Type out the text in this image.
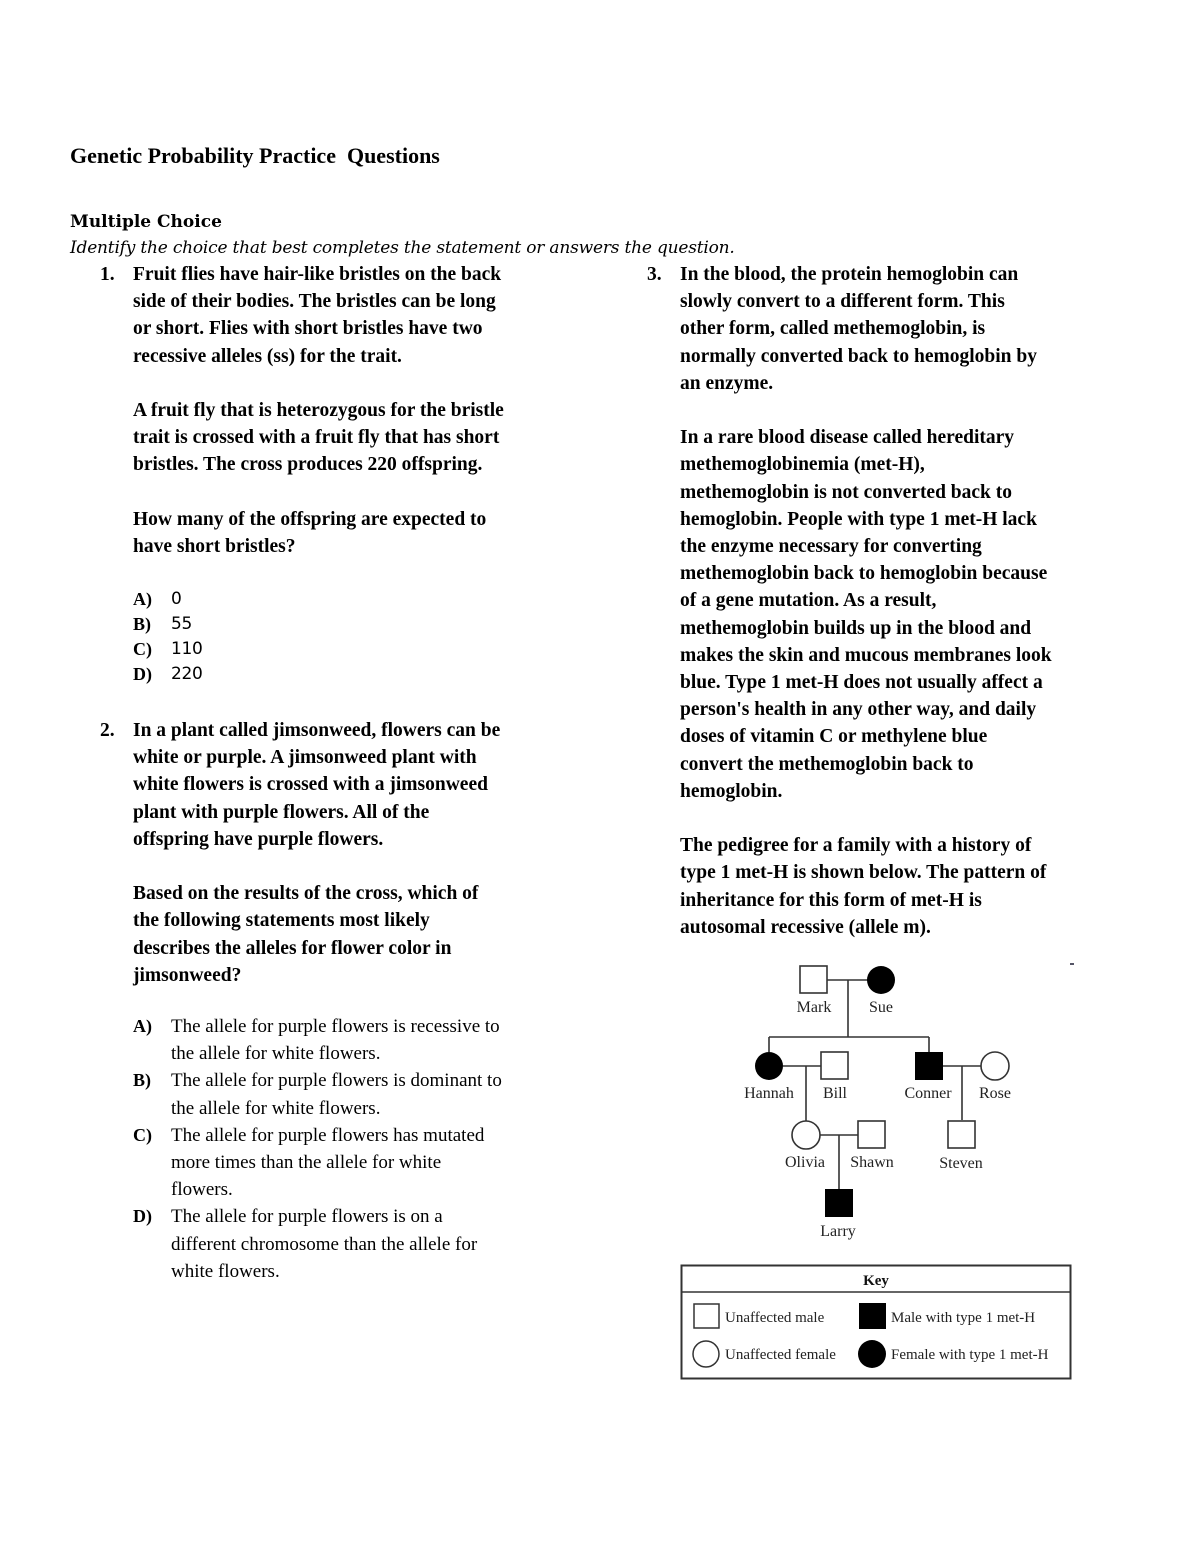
Genetic Probability Practice  Questions
Multiple Choice
Identify the choice that best completes the statement or answers the question.
1. Fruit flies have hair-like bristles on the back

side of their bodies. The bristles can be long

or short. Flies with short bristles have two

recessive alleles (ss) for the trait.

A fruit fly that is heterozygous for the bristle

trait is crossed with a fruit fly that has short

bristles. The cross produces 220 offspring.

How many of the offspring are expected to

have short bristles?

A) 0
B) 55
C) 110
D) 220
2. In a plant called jimsonweed, flowers can be

white or purple. A jimsonweed plant with

white flowers is crossed with a jimsonweed

plant with purple flowers. All of the

offspring have purple flowers.

Based on the results of the cross, which of

the following statements most likely

describes the alleles for flower color in

jimsonweed?

A) The allele for purple flowers is recessive to
the allele for white flowers.
B) The allele for purple flowers is dominant to
the allele for white flowers.
C) The allele for purple flowers has mutated
more times than the allele for white
flowers.
D) The allele for purple flowers is on a
different chromosome than the allele for
white flowers.
3. In the blood, the protein hemoglobin can

slowly convert to a different form. This

other form, called methemoglobin, is

normally converted back to hemoglobin by

an enzyme.

In a rare blood disease called hereditary

methemoglobinemia (met-H),

methemoglobin is not converted back to

hemoglobin. People with type 1 met-H lack

the enzyme necessary for converting

methemoglobin back to hemoglobin because

of a gene mutation. As a result,

methemoglobin builds up in the blood and

makes the skin and mucous membranes look

blue. Type 1 met-H does not usually affect a

person's health in any other way, and daily

doses of vitamin C or methylene blue

convert the methemoglobin back to

hemoglobin.

The pedigree for a family with a history of

type 1 met-H is shown below. The pattern of

inheritance for this form of met-H is

autosomal recessive (allele m).

Mark Sue
Hannah Bill	Conner Rose
Olivia Shawn	Steven
Larry
Key
Unaffected male	Male with type 1 met-H
Unaffected female	Female with type 1 met-H
